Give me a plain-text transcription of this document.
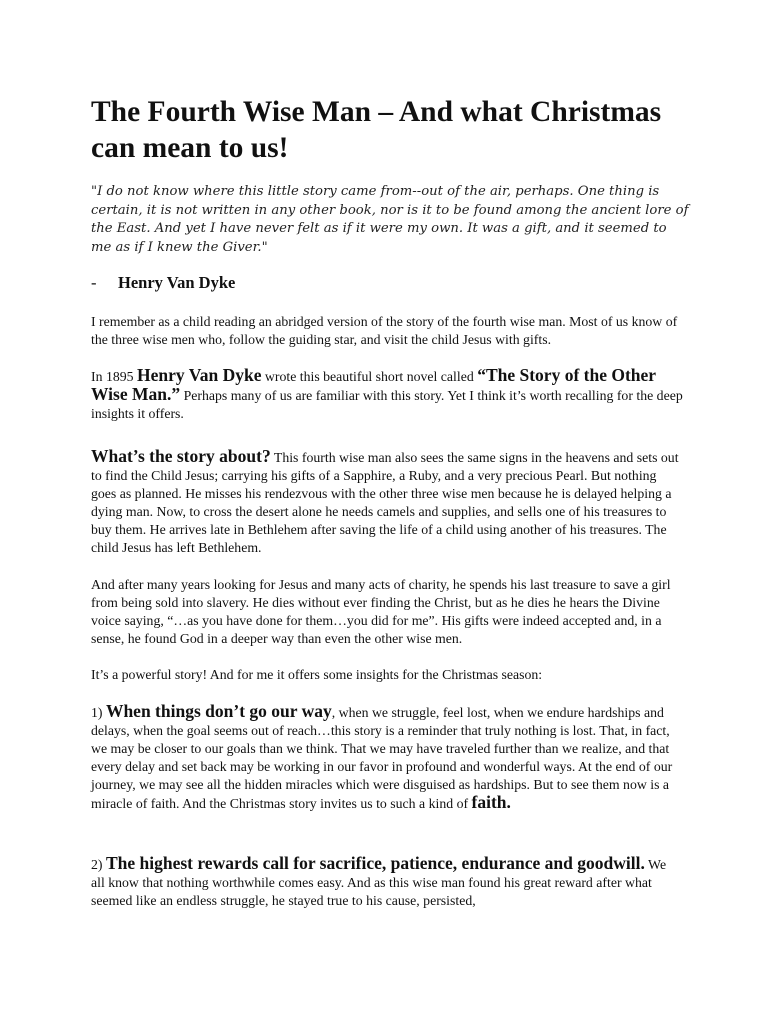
The Fourth Wise Man – And what Christmas can mean to us!

"I do not know where this little story came from--out of the air, perhaps. One thing is certain, it is not written in any other book, nor is it to be found among the ancient lore of the East. And yet I have never felt as if it were my own. It was a gift, and it seemed to me as if I knew the Giver."

- Henry Van Dyke

I remember as a child reading an abridged version of the story of the fourth wise man. Most of us know of the three wise men who, follow the guiding star, and visit the child Jesus with gifts.

In 1895 Henry Van Dyke wrote this beautiful short novel called “The Story of the Other Wise Man.” Perhaps many of us are familiar with this story. Yet I think it’s worth recalling for the deep insights it offers.

What’s the story about? This fourth wise man also sees the same signs in the heavens and sets out to find the Child Jesus; carrying his gifts of a Sapphire, a Ruby, and a very precious Pearl. But nothing goes as planned. He misses his rendezvous with the other three wise men because he is delayed helping a dying man. Now, to cross the desert alone he needs camels and supplies, and sells one of his treasures to buy them. He arrives late in Bethlehem after saving the life of a child using another of his treasures. The child Jesus has left Bethlehem.

And after many years looking for Jesus and many acts of charity, he spends his last treasure to save a girl from being sold into slavery. He dies without ever finding the Christ, but as he dies he hears the Divine voice saying, “…as you have done for them…you did for me”. His gifts were indeed accepted and, in a sense, he found God in a deeper way than even the other wise men.

It’s a powerful story! And for me it offers some insights for the Christmas season:

1) When things don’t go our way, when we struggle, feel lost, when we endure hardships and delays, when the goal seems out of reach…this story is a reminder that truly nothing is lost. That, in fact, we may be closer to our goals than we think. That we may have traveled further than we realize, and that every delay and set back may be working in our favor in profound and wonderful ways. At the end of our journey, we may see all the hidden miracles which were disguised as hardships. But to see them now is a miracle of faith. And the Christmas story invites us to such a kind of faith.

2) The highest rewards call for sacrifice, patience, endurance and goodwill. We all know that nothing worthwhile comes easy. And as this wise man found his great reward after what seemed like an endless struggle, he stayed true to his cause, persisted,
